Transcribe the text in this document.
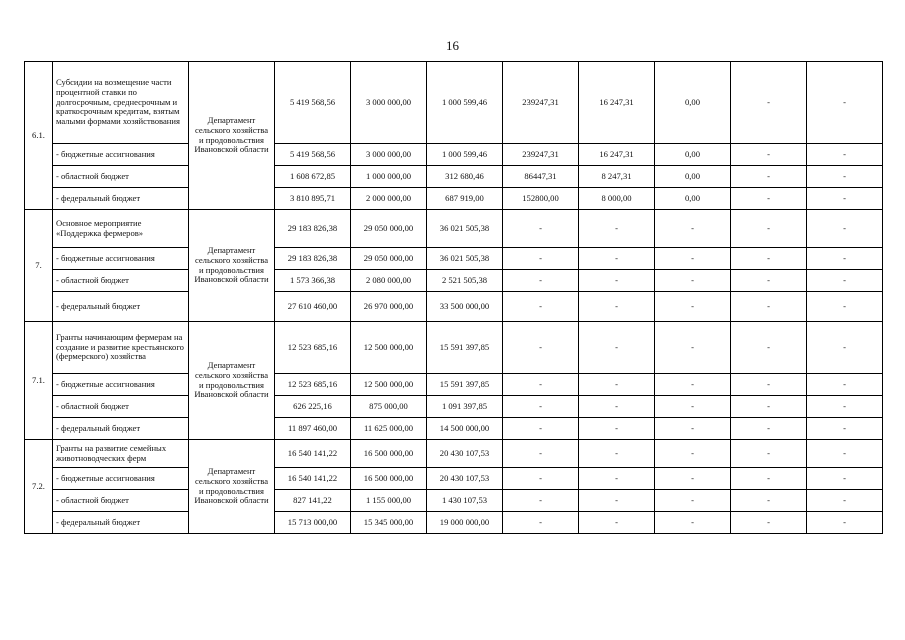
16
6.1.	Субсидии на возмещение части процентной ставки по долгосрочным, среднесрочным и краткосрочным кредитам, взятым малыми формами хозяйствования	Департамент сельского хозяйства и продовольствия Ивановской области	5 419 568,56	3 000 000,00	1 000 599,46	239247,31	16 247,31	0,00	-	-
	- бюджетные ассигнования		5 419 568,56	3 000 000,00	1 000 599,46	239247,31	16 247,31	0,00	-	-
	- областной бюджет		1 608 672,85	1 000 000,00	312 680,46	86447,31	8 247,31	0,00	-	-
	- федеральный бюджет		3 810 895,71	2 000 000,00	687 919,00	152800,00	8 000,00	0,00	-	-
7.	Основное мероприятие «Поддержка фермеров»	Департамент сельского хозяйства и продовольствия Ивановской области	29 183 826,38	29 050 000,00	36 021 505,38	-	-	-	-	-
	- бюджетные ассигнования		29 183 826,38	29 050 000,00	36 021 505,38	-	-	-	-	-
	- областной бюджет		1 573 366,38	2 080 000,00	2 521 505,38	-	-	-	-	-
	- федеральный бюджет		27 610 460,00	26 970 000,00	33 500 000,00	-	-	-	-	-
7.1.	Гранты начинающим фермерам на создание и развитие крестьянского (фермерского) хозяйства	Департамент сельского хозяйства и продовольствия Ивановской области	12 523 685,16	12 500 000,00	15 591 397,85	-	-	-	-	-
	- бюджетные ассигнования		12 523 685,16	12 500 000,00	15 591 397,85	-	-	-	-	-
	- областной бюджет		626 225,16	875 000,00	1 091 397,85	-	-	-	-	-
	- федеральный бюджет		11 897 460,00	11 625 000,00	14 500 000,00	-	-	-	-	-
7.2.	Гранты на развитие семейных животноводческих ферм	Департамент сельского хозяйства и продовольствия Ивановской области	16 540 141,22	16 500 000,00	20 430 107,53	-	-	-	-	-
	- бюджетные ассигнования		16 540 141,22	16 500 000,00	20 430 107,53	-	-	-	-	-
	- областной бюджет		827 141,22	1 155 000,00	1 430 107,53	-	-	-	-	-
	- федеральный бюджет		15 713 000,00	15 345 000,00	19 000 000,00	-	-	-	-	-
